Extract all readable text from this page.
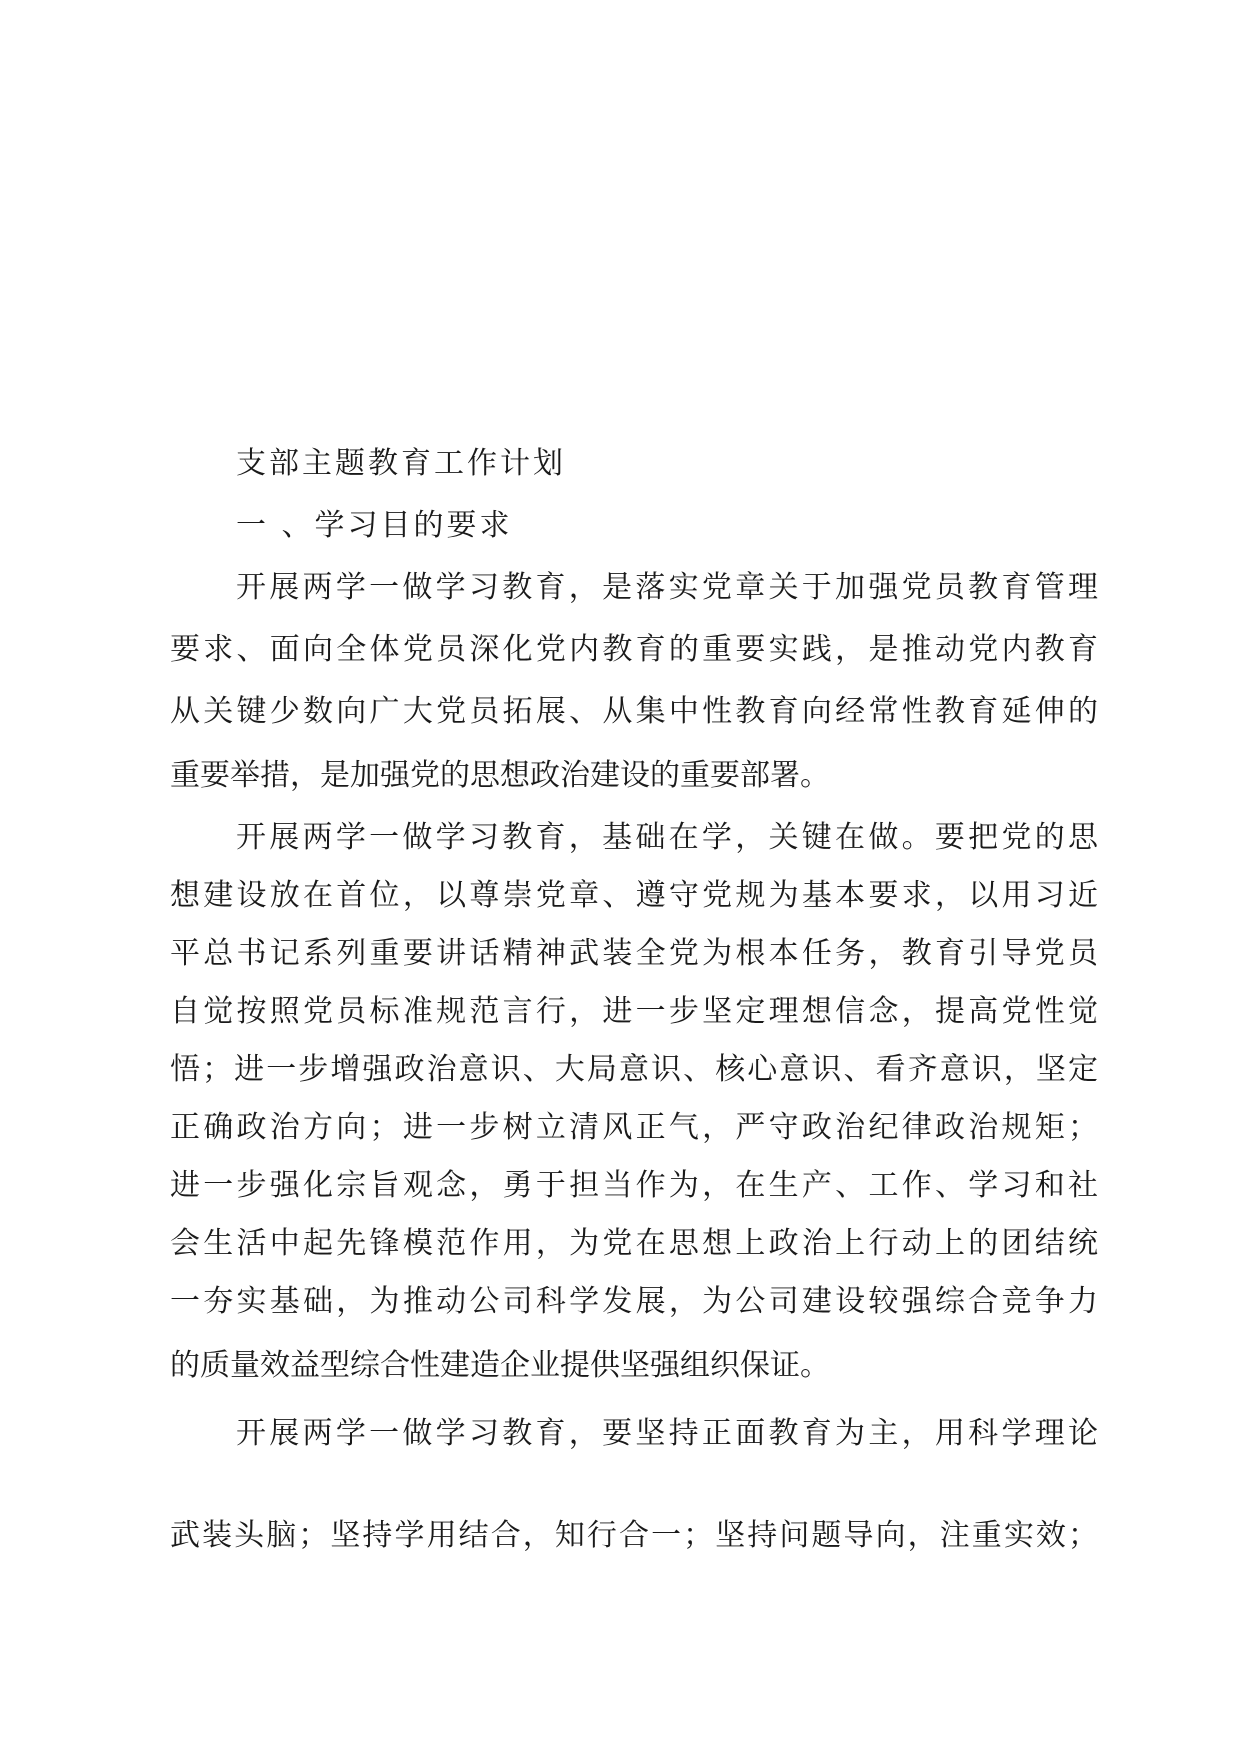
支部主题教育工作计划
一 、学习目的要求
开展两学一做学习教育，是落实党章关于加强党员教育管理
要求、面向全体党员深化党内教育的重要实践，是推动党内教育
从关键少数向广大党员拓展、从集中性教育向经常性教育延伸的
重要举措，是加强党的思想政治建设的重要部署。
开展两学一做学习教育，基础在学，关键在做。要把党的思
想建设放在首位，以尊崇党章、遵守党规为基本要求，以用习近
平总书记系列重要讲话精神武装全党为根本任务，教育引导党员
自觉按照党员标准规范言行，进一步坚定理想信念，提高党性觉
悟；进一步增强政治意识、大局意识、核心意识、看齐意识，坚定
正确政治方向；进一步树立清风正气，严守政治纪律政治规矩；
进一步强化宗旨观念，勇于担当作为，在生产、工作、学习和社
会生活中起先锋模范作用，为党在思想上政治上行动上的团结统
一夯实基础，为推动公司科学发展，为公司建设较强综合竞争力
的质量效益型综合性建造企业提供坚强组织保证。
开展两学一做学习教育，要坚持正面教育为主，用科学理论
武装头脑；坚持学用结合，知行合一；坚持问题导向，注重实效；
